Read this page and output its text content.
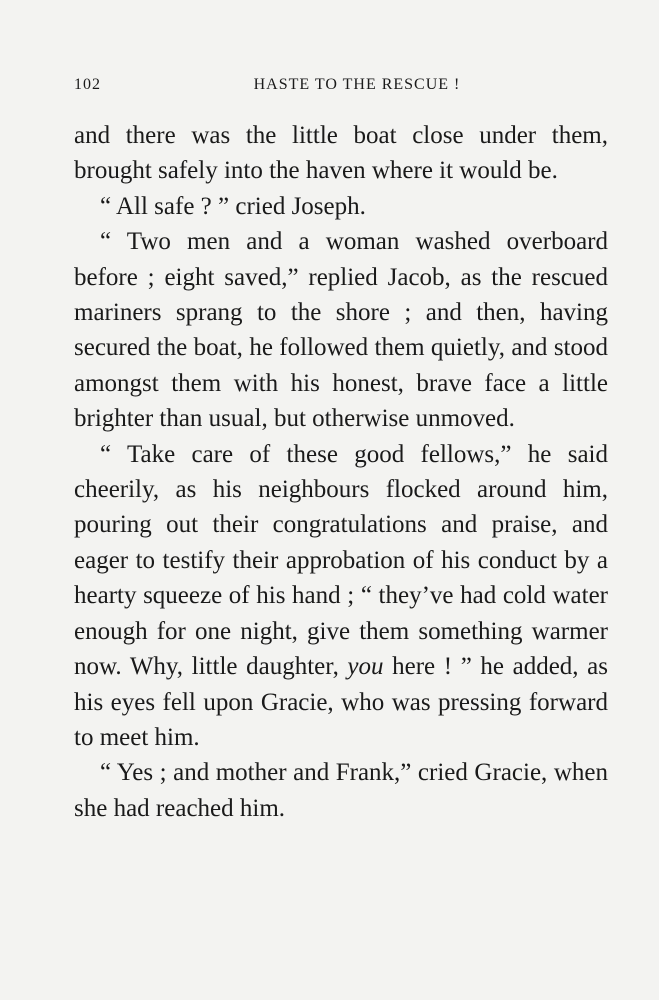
102	HASTE TO THE RESCUE !

and there was the little boat close under them, brought safely into the haven where it would be.

“ All safe ? ” cried Joseph.

“ Two men and a woman washed overboard before ; eight saved,” replied Jacob, as the rescued mariners sprang to the shore ; and then, having secured the boat, he followed them quietly, and stood amongst them with his honest, brave face a little brighter than usual, but otherwise unmoved.

“ Take care of these good fellows,” he said cheerily, as his neighbours flocked around him, pouring out their congratulations and praise, and eager to testify their approbation of his conduct by a hearty squeeze of his hand ; “ they’ve had cold water enough for one night, give them something warmer now. Why, little daughter, you here ! ” he added, as his eyes fell upon Gracie, who was pressing forward to meet him.

“ Yes ; and mother and Frank,” cried Gracie, when she had reached him.
